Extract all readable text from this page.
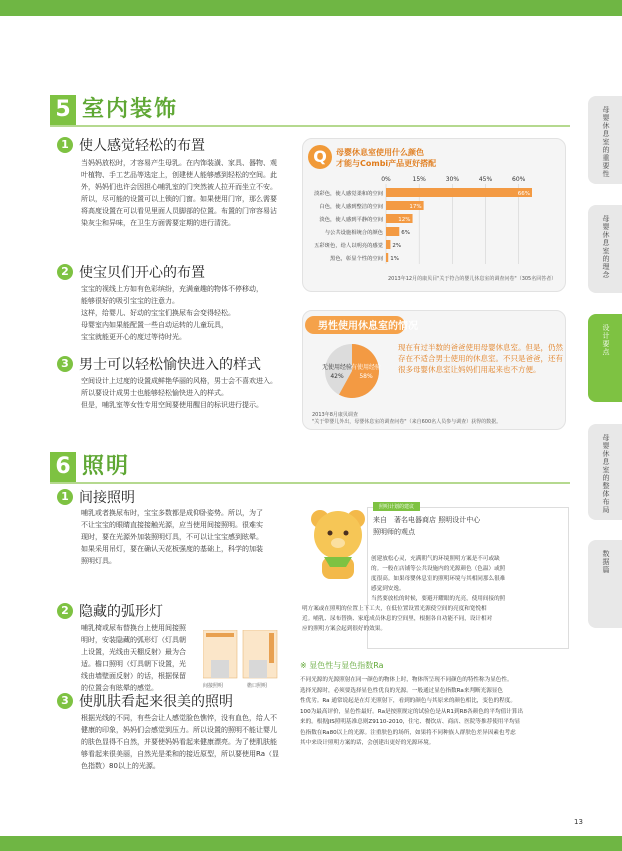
5 室内装饰
1 使人感觉轻松的布置

当妈妈放松时，才容易产生母乳。在内饰装潢、家具、器物、观

叶植物、手工艺品等选定上，创建使人能够感到轻松的空间。此

外，妈妈们也许会因担心哺乳室的门突然被人拉开而坐立不安。

所以，尽可能的设置可以上锁的门窗。如果使用门帘，那么需要

将高度设置在可以看见里面人员脚部的位置。布置的门帘容易沾

染灰尘和异味，在卫生方面需要定期的进行清洗。

2 使宝贝们开心的布置

宝宝的视线上方如有色彩缤纷，充满童趣的物体不停移动，

能够很好的吸引宝宝的注意力。

这样，给婴儿、好动的宝宝们换尿布会变得轻松。

母婴室内如果能配置一些自动运转的儿童玩具，

宝宝就能更开心的度过等待时光。

3 男士可以轻松愉快进入的样式

空间设计上过度的设置成鲜艳华丽的风格，男士会不喜欢进入。

所以要设计成男士也能够轻松愉快进入的样式。

但是，哺乳室等女性专用空间要使用醒目的标识进行提示。

Q	母婴休息室使用什么颜色
才能与Combi产品更好搭配
0%	15%	30%	45%	60%
淡彩色，使人感觉柔和的空间	66%
白色，使人感到整洁的空间	17%
淡色，使人感到平静的空间	12%
与公共设施相统合的颜色	6%
五彩斑色，给人以明亮的感觉 2%
黑色，彰显个性的空间 1%
2013年12月的康贝目"关于符合的婴儿休息室的调查问卷"（305名回答者）
男性使用休息室的情况
有使用经验
58%
无使用经验
42%
现在有过半数的爸爸使用母婴休息室。但是，仍然存在不适合男士使用的休息室。不只是爸爸，还有很多母婴休息室让妈妈们用起来也不方便。
2013年8月康贝调查
"关于带婴儿外出，母婴休息室的调查问卷"（来自600名人员参与调查）获得的数据。
6 照明
1 间接照明

哺乳或者换尿布时，宝宝多数都是成仰卧姿势。所以，为了

不让宝宝的眼睛直接接触光源，应当使用间接照明。很难实

现时，要在光源外加装照明灯具，不可以让宝宝感到眩晕。

如果采用吊灯，要在确认天花板强度的基础上，科学的加装

照明灯具。

2 隐藏的弧形灯

哺乳椅或尿布替换台上使用间接照

明时，安装隐藏的弧形灯（灯具朝

上设置，光线由天棚反射）最为合

适。檐口照明（灯具朝下设置，光

线由墙壁面反射）的话，根据保留

的位置会有眩晕的感觉。	间接照明	檐口照明
3 使肌肤看起来很美的照明

根据光线的不同，有些会让人感觉脸色憔悴，没有血色，给人不

健康的印象，妈妈们会感觉到压力。所以设置的照明不能让婴儿

的肤色显得不自然，并要使妈妈看起来健康漂亮。为了使肌肤能

够看起来很美丽，自然光是柔和的接近原型，所以要使用Ra（显

色指数）80以上的光源。

照明计划的建议
来自　著名电器商店 照明设计中心
照明师的观点

创建放松心灵，充满朝气的环境照明方案是不可或缺

的。一般在店铺等公共设施内的光源颜色（色温）或照

度很高。如果母婴休息室的照明环境与其相同那么很难

感觉到安逸。

当然要放松的时候，要避开耀眼的光亮，使用间接的照

明方案或在照明的位置上下工夫，在低位置设置光源使空间的亮度和宽悦相

近。哺乳、尿布替换、家庭成员休息的空间里，根据各自功能不同，设计相对

应的照明方案会起到很好的效果。

※ 显色性与显色指数Ra

不同光源的光源照射在同一颜色的物体上时，物体所呈现不同颜色的特性称为显色性。

选择光源时，必须要选择显色性优良的光源。一般通过显色指数Ra来判断光源显色

性优劣。Ra 通常说起是在灯光照射下，看到的颜色与其原来的颜色相比，变色的程度。

100为最高评价，显色性最好。Ra是按照规定的试验色是从R1到R8各颜色的平均值计算出

来的。根据JIS照明基准总则Z9110-2010，住宅、餐饮店、商店、医院等推荐使用平均显

色指数在Ra80以上的光源。注重肤色的场所，如果将不同种族人群肤色差异因素也考虑

其中来设计照明方案的话，会创建出更好的光源环境。

母婴休息室的重要性
母婴休息室的理念
设计要点
母婴休息室的整体布局
数据篇
13
